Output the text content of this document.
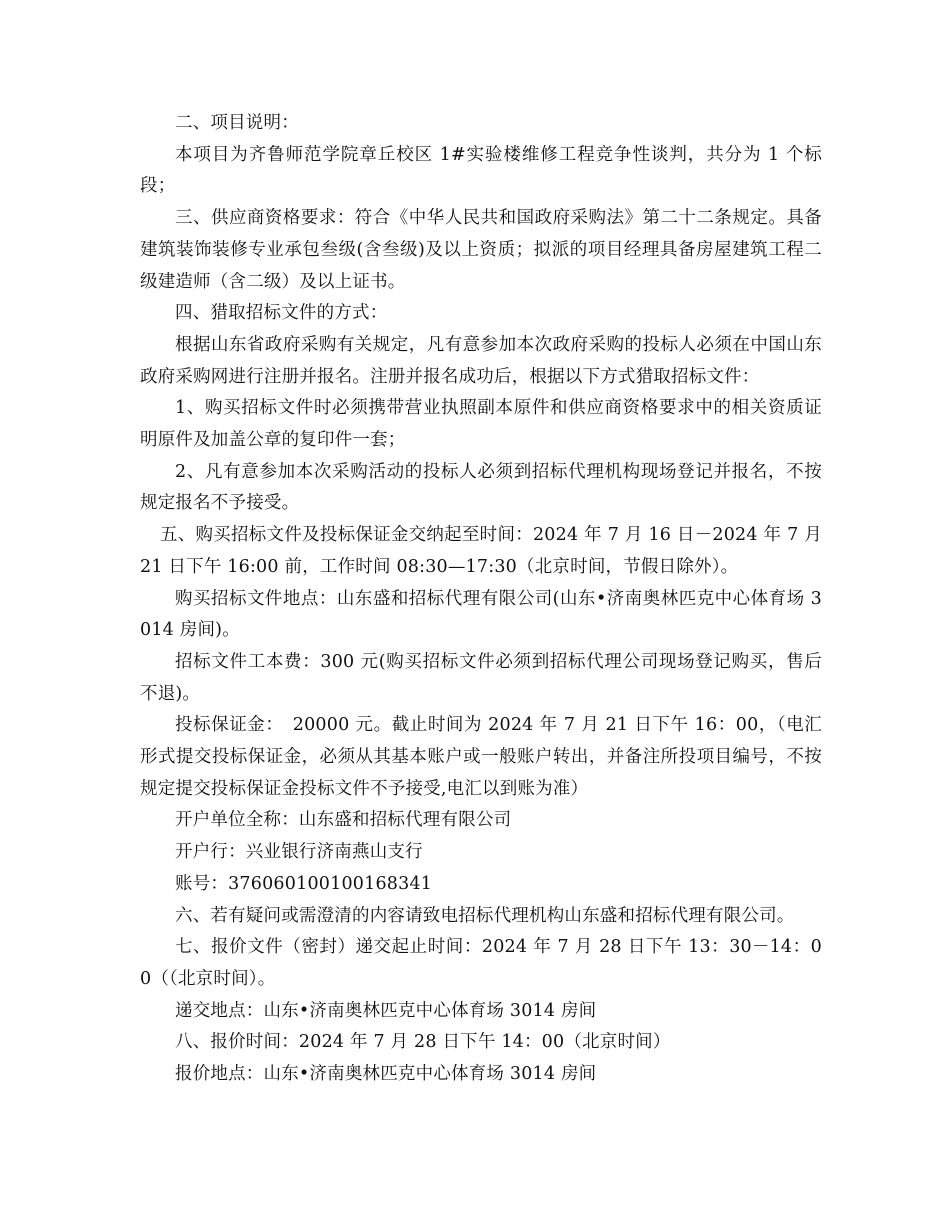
二、项目说明：

本项目为齐鲁师范学院章丘校区 1#实验楼维修工程竞争性谈判，共分为 1 个标段；

三、供应商资格要求：符合《中华人民共和国政府采购法》第二十二条规定。具备建筑装饰装修专业承包叁级(含叁级)及以上资质；拟派的项目经理具备房屋建筑工程二级建造师（含二级）及以上证书。

四、猎取招标文件的方式：

根据山东省政府采购有关规定，凡有意参加本次政府采购的投标人必须在中国山东政府采购网进行注册并报名。注册并报名成功后，根据以下方式猎取招标文件：

1、购买招标文件时必须携带营业执照副本原件和供应商资格要求中的相关资质证明原件及加盖公章的复印件一套；

2、凡有意参加本次采购活动的投标人必须到招标代理机构现场登记并报名，不按规定报名不予接受。

五、购买招标文件及投标保证金交纳起至时间：2024 年 7 月 16 日－2024 年 7 月 21 日下午 16:00 前，工作时间 08:30—17:30（北京时间，节假日除外）。

购买招标文件地点：山东盛和招标代理有限公司(山东•济南奥林匹克中心体育场 3014 房间)。

招标文件工本费：300 元(购买招标文件必须到招标代理公司现场登记购买，售后不退)。

投标保证金：　20000 元。截止时间为 2024 年 7 月 21 日下午 16：00，（电汇形式提交投标保证金，必须从其基本账户或一般账户转出，并备注所投项目编号，不按规定提交投标保证金投标文件不予接受,电汇以到账为准）

开户单位全称：山东盛和招标代理有限公司

开户行：兴业银行济南燕山支行

账号：376060100100168341

六、若有疑问或需澄清的内容请致电招标代理机构山东盛和招标代理有限公司。

七、报价文件（密封）递交起止时间：2024 年 7 月 28 日下午 13：30－14：00（（北京时间）。

递交地点：山东•济南奥林匹克中心体育场 3014 房间

八、报价时间：2024 年 7 月 28 日下午 14：00（北京时间）

报价地点：山东•济南奥林匹克中心体育场 3014 房间
